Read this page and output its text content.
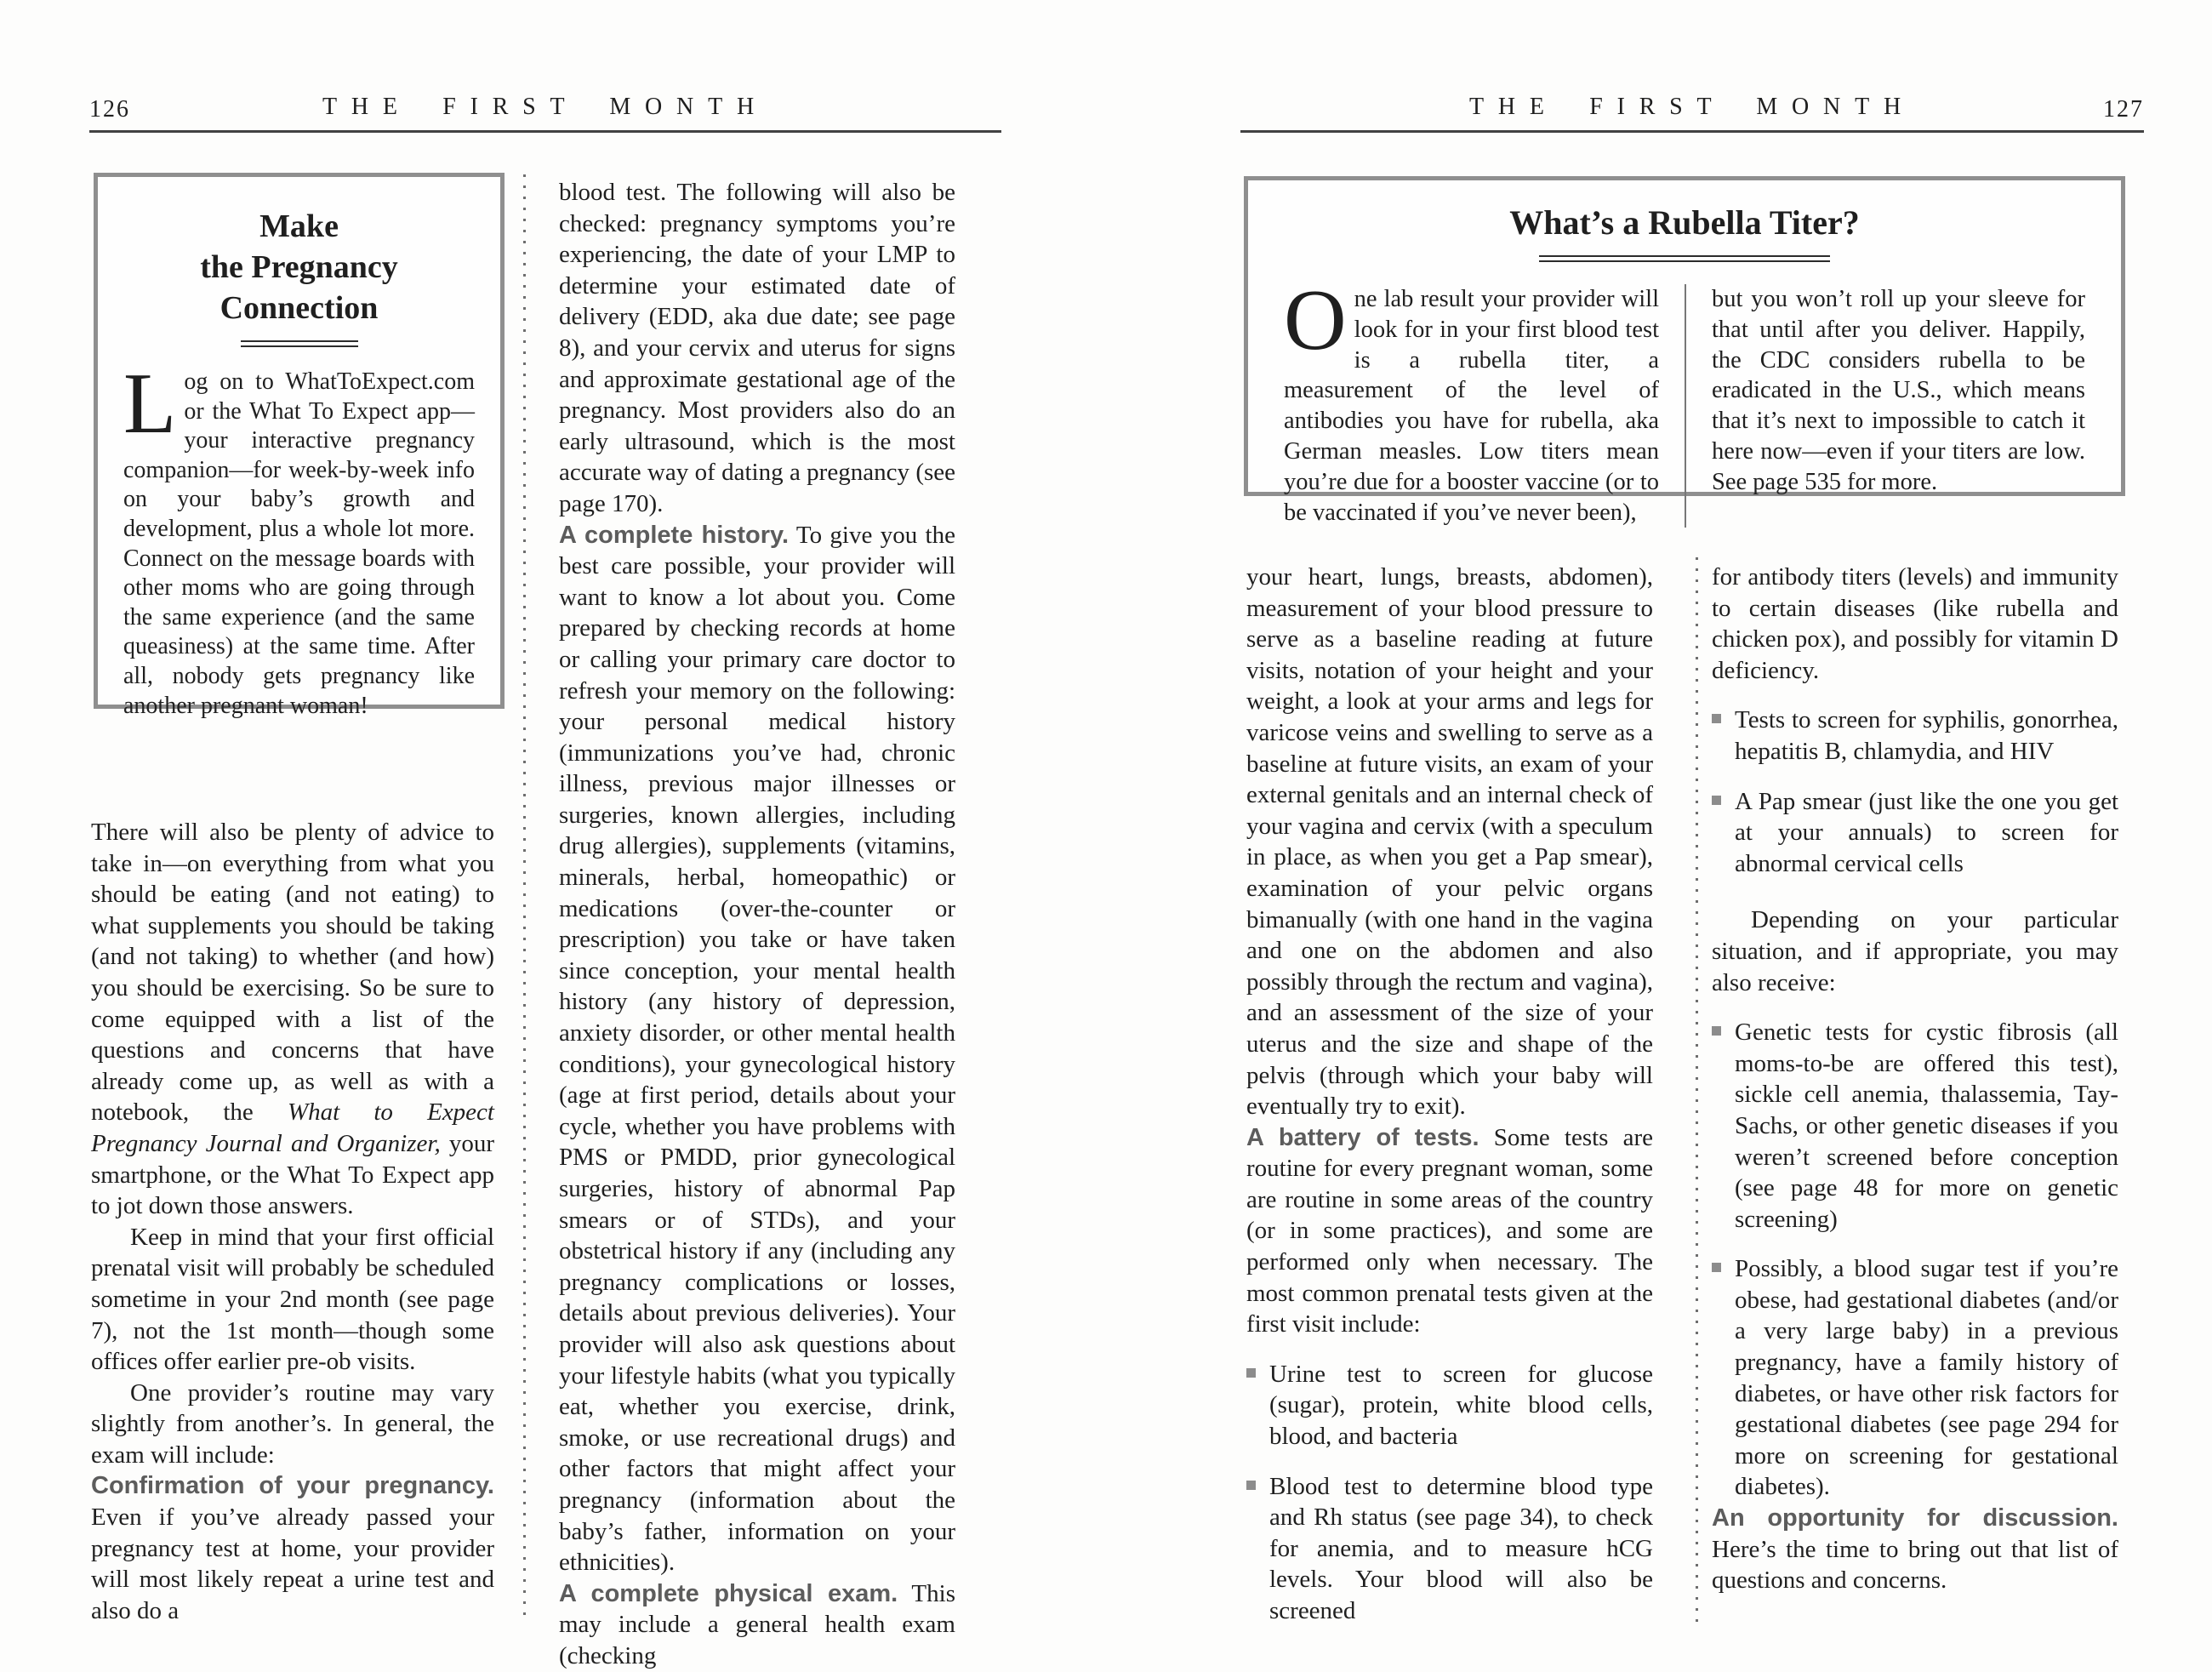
126	THE FIRST MONTH
Make
the Pregnancy
Connection
Log on to WhatToExpect.com or the What To Expect app—your interactive pregnancy companion—for week-by-week info on your baby’s growth and development, plus a whole lot more. Connect on the message boards with other moms who are going through the same experience (and the same queasiness) at the same time. After all, nobody gets pregnancy like another pregnant woman!

There will also be plenty of advice to take in—on everything from what you should be eating (and not eating) to what supplements you should be taking (and not taking) to whether (and how) you should be exercising. So be sure to come equipped with a list of the questions and concerns that have already come up, as well as with a notebook, the What to Expect Pregnancy Journal and Organizer, your smartphone, or the What To Expect app to jot down those answers.

Keep in mind that your first official prenatal visit will probably be scheduled sometime in your 2nd month (see page 7), not the 1st month—though some offices offer earlier pre-ob visits.

One provider’s routine may vary slightly from another’s. In general, the exam will include:

Confirmation of your pregnancy. Even if you’ve already passed your pregnancy test at home, your provider will most likely repeat a urine test and also do a

blood test. The following will also be checked: pregnancy symptoms you’re experiencing, the date of your LMP to determine your estimated date of delivery (EDD, aka due date; see page 8), and your cervix and uterus for signs and approximate gestational age of the pregnancy. Most providers also do an early ultrasound, which is the most accurate way of dating a pregnancy (see page 170).

A complete history. To give you the best care possible, your provider will want to know a lot about you. Come prepared by checking records at home or calling your primary care doctor to refresh your memory on the following: your personal medical history (immunizations you’ve had, chronic illness, previous major illnesses or surgeries, known allergies, including drug allergies), supplements (vitamins, minerals, herbal, homeopathic) or medications (over-the-counter or prescription) you take or have taken since conception, your mental health history (any history of depression, anxiety disorder, or other mental health conditions), your gynecological history (age at first period, details about your cycle, whether you have problems with PMS or PMDD, prior gynecological surgeries, history of abnormal Pap smears or of STDs), and your obstetrical history if any (including any pregnancy complications or losses, details about previous deliveries). Your provider will also ask questions about your lifestyle habits (what you typically eat, whether you exercise, drink, smoke, or use recreational drugs) and other factors that might affect your pregnancy (information about the baby’s father, information on your ethnicities).

A complete physical exam. This may include a general health exam (checking

THE FIRST MONTH	127
What’s a Rubella Titer?
One lab result your provider will look for in your first blood test is a rubella titer, a measurement of the level of antibodies you have for rubella, aka German measles. Low titers mean you’re due for a booster vaccine (or to be vaccinated if you’ve never been),
but you won’t roll up your sleeve for that until after you deliver. Happily, the CDC considers rubella to be eradicated in the U.S., which means that it’s next to impossible to catch it here now—even if your titers are low. See page 535 for more.

your heart, lungs, breasts, abdomen), measurement of your blood pressure to serve as a baseline reading at future visits, notation of your height and your weight, a look at your arms and legs for varicose veins and swelling to serve as a baseline at future visits, an exam of your external genitals and an internal check of your vagina and cervix (with a speculum in place, as when you get a Pap smear), examination of your pelvic organs bimanually (with one hand in the vagina and one on the abdomen and also possibly through the rectum and vagina), and an assessment of the size of your uterus and the size and shape of the pelvis (through which your baby will eventually try to exit).

A battery of tests. Some tests are routine for every pregnant woman, some are routine in some areas of the country (or in some practices), and some are performed only when necessary. The most common prenatal tests given at the first visit include:

Urine test to screen for glucose (sugar), protein, white blood cells, blood, and bacteria

Blood test to determine blood type and Rh status (see page 34), to check for anemia, and to measure hCG levels. Your blood will also be screened

for antibody titers (levels) and immunity to certain diseases (like rubella and chicken pox), and possibly for vitamin D deficiency.

Tests to screen for syphilis, gonorrhea, hepatitis B, chlamydia, and HIV

A Pap smear (just like the one you get at your annuals) to screen for abnormal cervical cells

Depending on your particular situation, and if appropriate, you may also receive:

Genetic tests for cystic fibrosis (all moms-to-be are offered this test), sickle cell anemia, thalassemia, Tay-Sachs, or other genetic diseases if you weren’t screened before conception (see page 48 for more on genetic screening)

Possibly, a blood sugar test if you’re obese, had gestational diabetes (and/or a very large baby) in a previous pregnancy, have a family history of diabetes, or have other risk factors for gestational diabetes (see page 294 for more on screening for gestational diabetes).

An opportunity for discussion. Here’s the time to bring out that list of questions and concerns.
